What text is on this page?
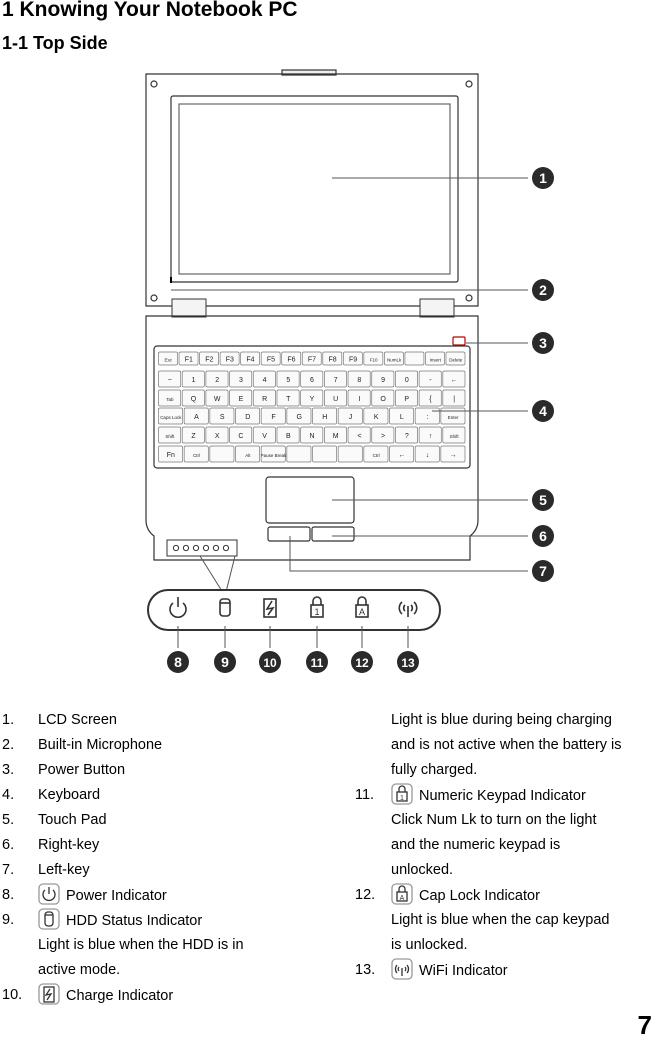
1 Knowing Your Notebook PC
1-1 Top Side
Esc F1 F2 F3 F4 F5 F6 F7 F8 F9	F10 NumLk	Insert Delete
~	1	2	3	4	5	6	7	8	9	0	-	←
Tab Q	W	E	R	T	Y	U	I	O	P	{	|
Caps Lock A	S	D	F	G	H	J	K	L	:	Enter
Shift Z	X	C	V	B	N	M	<	>	?	↑	Shift
Fn	Ctrl	Alt Pause Break	Ctrl	←	↓	→
1	A
1
2
3
4
5
6
7
8	9	10	11	12	13
1. LCD Screen
2. Built-in Microphone
3. Power Button
4. Keyboard
5. Touch Pad
6. Right-key
7. Left-key
8.	Power Indicator
9.	HDD Status Indicator
Light is blue when the HDD is in
active mode.
10.	Charge Indicator
Light is blue during being charging
and is not active when the battery is
fully charged.
11.	1 Numeric Keypad Indicator
Click Num Lk to turn on the light
and the numeric keypad is
unlocked.
12.	A Cap Lock Indicator
Light is blue when the cap keypad
is unlocked.
13.	WiFi Indicator
7
